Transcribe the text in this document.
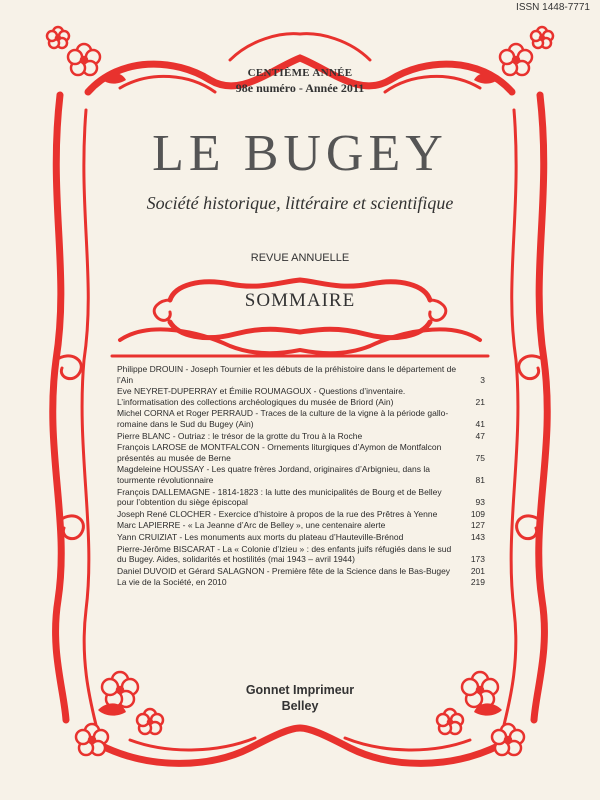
ISSN 1448-7771
CENTIÈME ANNÉE
98e numéro - Année 2011
LE BUGEY
Société historique, littéraire et scientifique
REVUE ANNUELLE
SOMMAIRE
Philippe DROUIN - Joseph Tournier et les débuts de la préhistoire dans le département de l’Ain	3
Eve NEYRET-DUPERRAY et Émilie ROUMAGOUX - Questions d’inventaire. L’informatisation des collections archéologiques du musée de Briord (Ain)	21
Michel CORNA et Roger PERRAUD - Traces de la culture de la vigne à la période gallo-romaine dans le Sud du Bugey (Ain)	41
Pierre BLANC - Outriaz : le trésor de la grotte du Trou à la Roche	47
François LAROSE de MONTFALCON - Ornements liturgiques d’Aymon de Montfalcon présentés au musée de Berne	75
Magdeleine HOUSSAY - Les quatre frères Jordand, originaires d’Arbignieu, dans la tourmente révolutionnaire	81
François DALLEMAGNE - 1814-1823 : la lutte des municipalités de Bourg et de Belley pour l’obtention du siège épiscopal	93
Joseph René CLOCHER - Exercice d’histoire à propos de la rue des Prêtres à Yenne	109
Marc LAPIERRE - « La Jeanne d’Arc de Belley », une centenaire alerte	127
Yann CRUIZIAT - Les monuments aux morts du plateau d’Hauteville-Brénod	143
Pierre-Jérôme BISCARAT - La « Colonie d’Izieu » : des enfants juifs réfugiés dans le sud du Bugey. Aides, solidarités et hostilités (mai 1943 – avril 1944)	173
Daniel DUVOID et Gérard SALAGNON - Première fête de la Science dans le Bas-Bugey	201
La vie de la Société, en 2010	219
Gonnet Imprimeur
Belley
